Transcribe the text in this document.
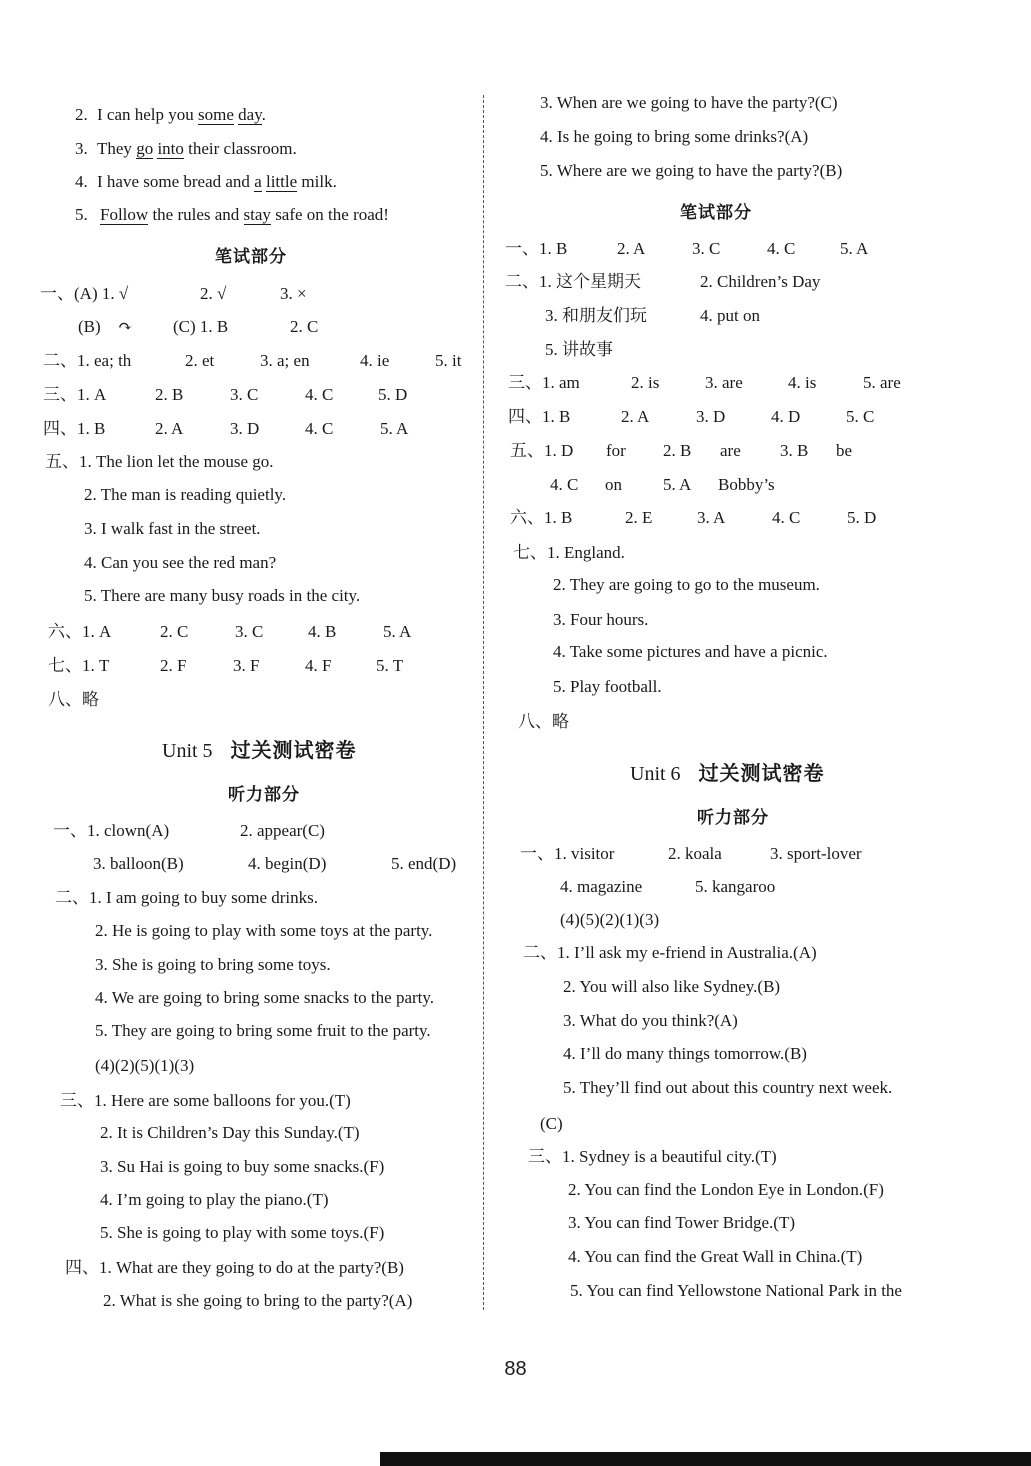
2. I can help you some day.
3. They go into their classroom.
4. I have some bread and a little milk.
5. Follow the rules and stay safe on the road!
笔试部分
一、(A) 1. √	2. √	3. ×
(B) ↷ (C) 1. B	2. C
二、1. ea; th	2. et	3. a; en	4. ie	5. it
三、1. A	2. B	3. C	4. C	5. D
四、1. B	2. A	3. D	4. C	5. A
五、1. The lion let the mouse go.
2. The man is reading quietly.
3. I walk fast in the street.
4. Can you see the red man?
5. There are many busy roads in the city.
六、1. A	2. C	3. C	4. B	5. A
七、1. T	2. F	3. F	4. F	5. T
八、略
Unit 5 过关测试密卷
听力部分
一、1. clown(A)	2. appear(C)
3. balloon(B)	4. begin(D)	5. end(D)
二、1. I am going to buy some drinks.
2. He is going to play with some toys at the party.
3. She is going to bring some toys.
4. We are going to bring some snacks to the party.
5. They are going to bring some fruit to the party.
(4)(2)(5)(1)(3)
三、1. Here are some balloons for you.(T)
2. It is Children’s Day this Sunday.(T)
3. Su Hai is going to buy some snacks.(F)
4. I’m going to play the piano.(T)
5. She is going to play with some toys.(F)
四、1. What are they going to do at the party?(B)
2. What is she going to bring to the party?(A)
3. When are we going to have the party?(C)
4. Is he going to bring some drinks?(A)
5. Where are we going to have the party?(B)
笔试部分
一、1. B	2. A	3. C	4. C	5. A
二、1. 这个星期天	2. Children’s Day
3. 和朋友们玩	4. put on
5. 讲故事
三、1. am	2. is	3. are	4. is	5. are
四、1. B	2. A	3. D	4. D	5. C
五、1. D for 2. B are 3. B be
4. C on 5. A Bobby’s
六、1. B	2. E	3. A	4. C	5. D
七、1. England.
2. They are going to go to the museum.
3. Four hours.
4. Take some pictures and have a picnic.
5. Play football.
八、略
Unit 6 过关测试密卷
听力部分
一、1. visitor	2. koala	3. sport-lover
4. magazine	5. kangaroo
(4)(5)(2)(1)(3)
二、1. I’ll ask my e-friend in Australia.(A)
2. You will also like Sydney.(B)
3. What do you think?(A)
4. I’ll do many things tomorrow.(B)
5. They’ll find out about this country next week.
(C)
三、1. Sydney is a beautiful city.(T)
2. You can find the London Eye in London.(F)
3. You can find Tower Bridge.(T)
4. You can find the Great Wall in China.(T)
5. You can find Yellowstone National Park in the
88
